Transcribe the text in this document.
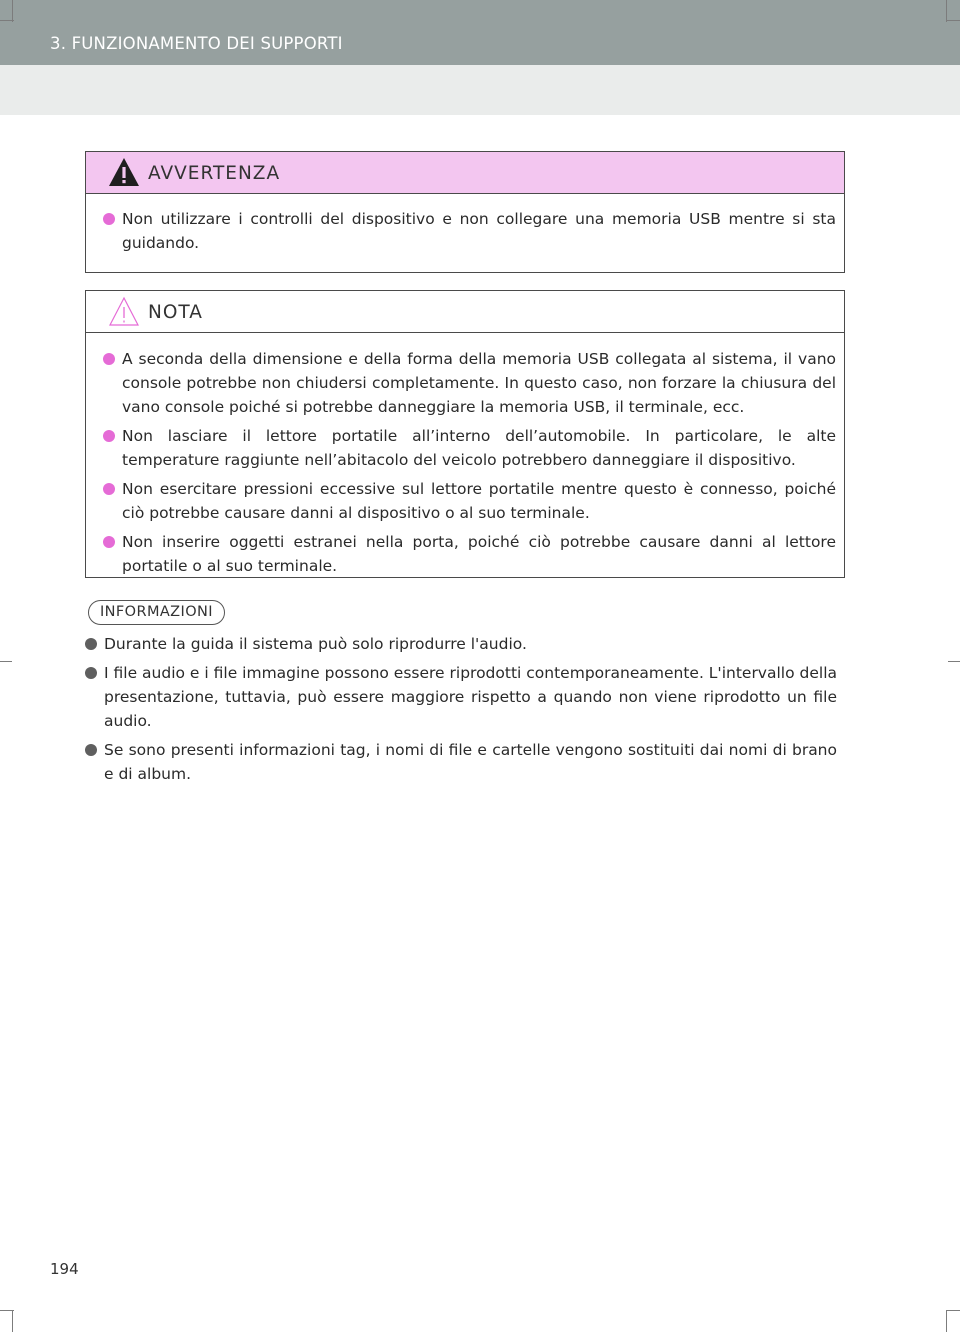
3. FUNZIONAMENTO DEI SUPPORTI
AVVERTENZA
Non utilizzare i controlli del dispositivo e non collegare una memoria USB mentre si sta guidando.
NOTA
A seconda della dimensione e della forma della memoria USB collegata al sistema, il vano console potrebbe non chiudersi completamente. In questo caso, non forzare la chiusura del vano console poiché si potrebbe danneggiare la memoria USB, il terminale, ecc.
Non lasciare il lettore portatile all’interno dell’automobile. In particolare, le alte temperature raggiunte nell’abitacolo del veicolo potrebbero danneggiare il dispositivo.
Non esercitare pressioni eccessive sul lettore portatile mentre questo è connesso, poiché ciò potrebbe causare danni al dispositivo o al suo terminale.
Non inserire oggetti estranei nella porta, poiché ciò potrebbe causare danni al lettore portatile o al suo terminale.
INFORMAZIONI
Durante la guida il sistema può solo riprodurre l'audio.
I file audio e i file immagine possono essere riprodotti contemporaneamente. L'intervallo della presentazione, tuttavia, può essere maggiore rispetto a quando non viene riprodotto un file audio.
Se sono presenti informazioni tag, i nomi di file e cartelle vengono sostituiti dai nomi di brano e di album.
194
